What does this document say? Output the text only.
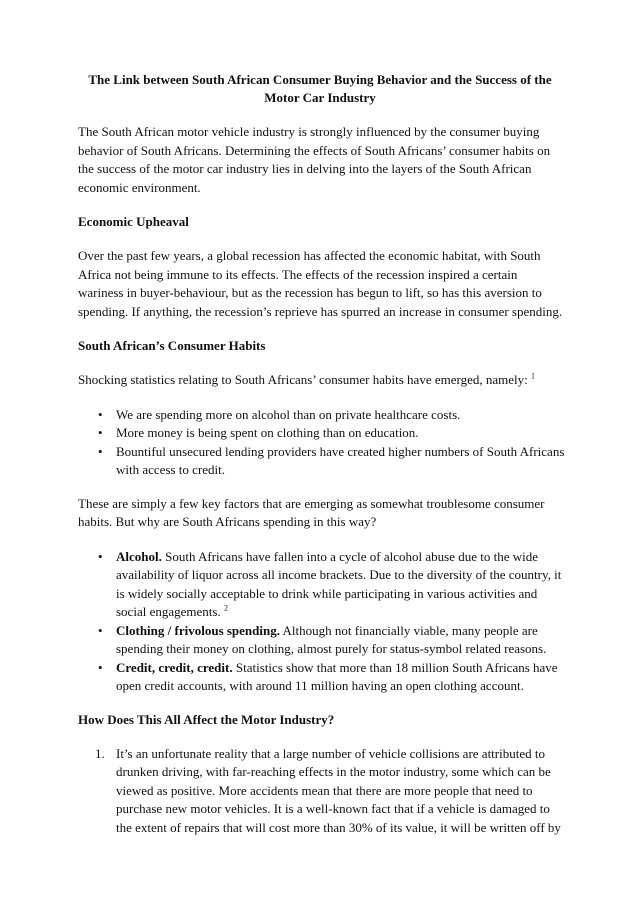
The Link between South African Consumer Buying Behavior and the Success of the Motor Car Industry

The South African motor vehicle industry is strongly influenced by the consumer buying behavior of South Africans. Determining the effects of South Africans’ consumer habits on the success of the motor car industry lies in delving into the layers of the South African economic environment.

Economic Upheaval

Over the past few years, a global recession has affected the economic habitat, with South Africa not being immune to its effects. The effects of the recession inspired a certain wariness in buyer-behaviour, but as the recession has begun to lift, so has this aversion to spending. If anything, the recession’s reprieve has spurred an increase in consumer spending.

South African’s Consumer Habits

Shocking statistics relating to South Africans’ consumer habits have emerged, namely: $^1$

• We are spending more on alcohol than on private healthcare costs.
• More money is being spent on clothing than on education.
• Bountiful unsecured lending providers have created higher numbers of South Africans with access to credit.

These are simply a few key factors that are emerging as somewhat troublesome consumer habits. But why are South Africans spending in this way?

• Alcohol. South Africans have fallen into a cycle of alcohol abuse due to the wide availability of liquor across all income brackets. Due to the diversity of the country, it is widely socially acceptable to drink while participating in various activities and social engagements. $^2$
• Clothing / frivolous spending. Although not financially viable, many people are spending their money on clothing, almost purely for status-symbol related reasons.
• Credit, credit, credit. Statistics show that more than 18 million South Africans have open credit accounts, with around 11 million having an open clothing account.
How Does This All Affect the Motor Industry?
1. It’s an unfortunate reality that a large number of vehicle collisions are attributed to drunken driving, with far-reaching effects in the motor industry, some which can be viewed as positive. More accidents mean that there are more people that need to purchase new motor vehicles. It is a well-known fact that if a vehicle is damaged to the extent of repairs that will cost more than 30% of its value, it will be written off by
